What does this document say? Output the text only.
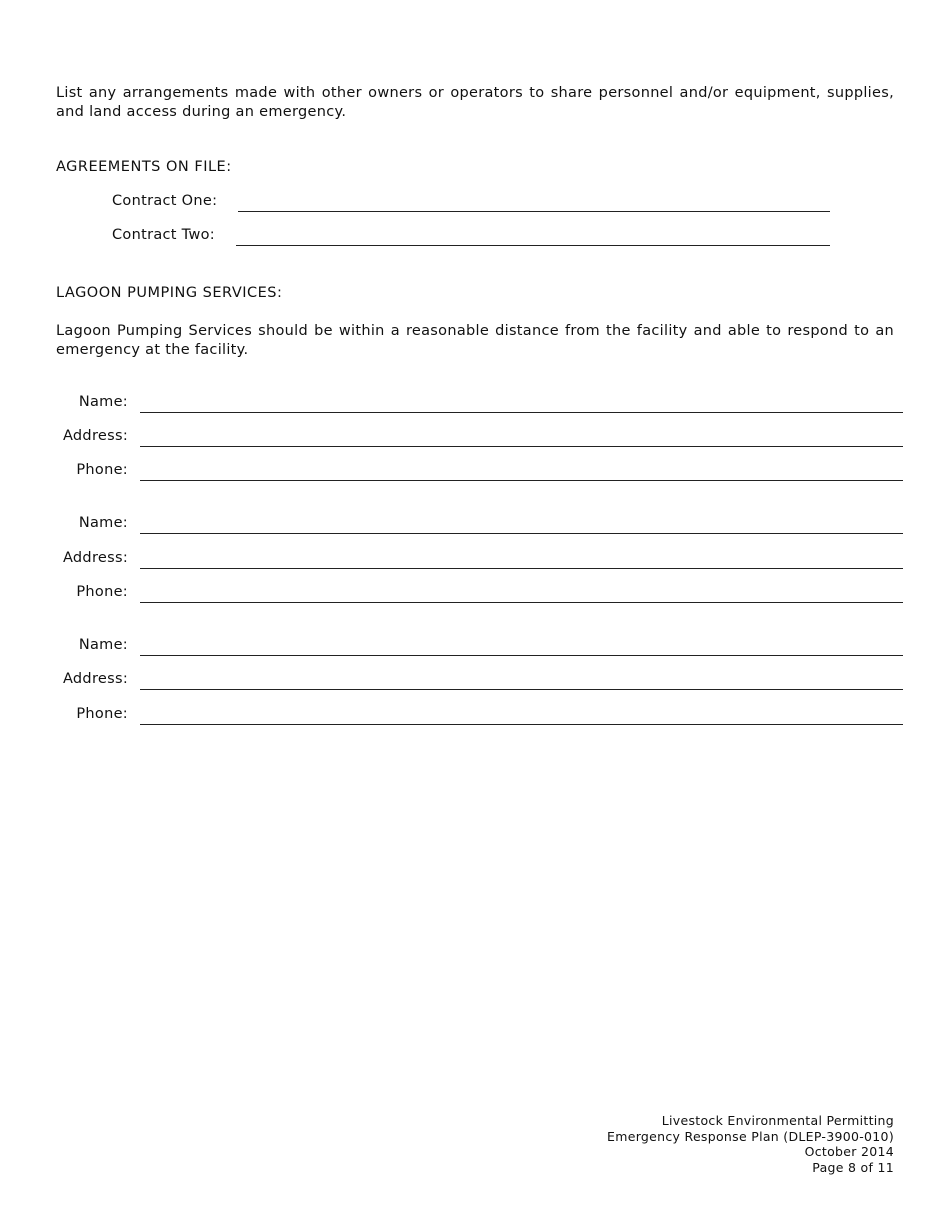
List any arrangements made with other owners or operators to share personnel and/or equipment, supplies, and land access during an emergency.

AGREEMENTS ON FILE:
Contract One:
Contract Two:
LAGOON PUMPING SERVICES:

Lagoon Pumping Services should be within a reasonable distance from the facility and able to respond to an emergency at the facility.

Name:
Address:
Phone:
Name:
Address:
Phone:
Name:
Address:
Phone:
Livestock Environmental Permitting
Emergency Response Plan (DLEP-3900-010)
October 2014
Page 8 of 11
